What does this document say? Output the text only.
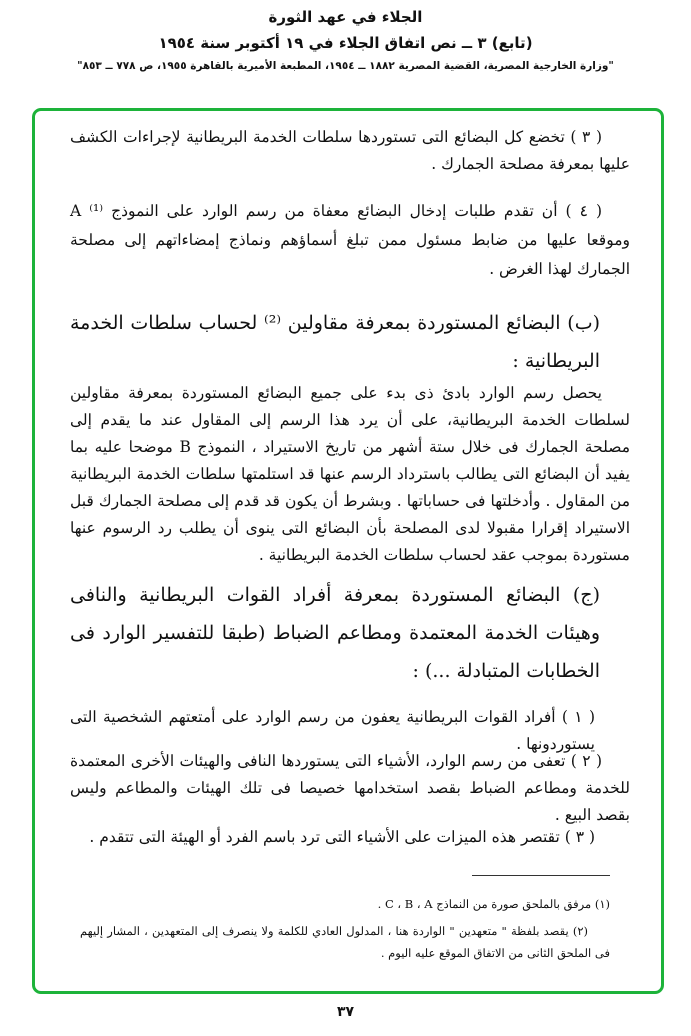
الجلاء في عهد الثورة
(تابع) ٣ ــ نص اتفاق الجلاء في ١٩ أكتوبر سنة ١٩٥٤
"وزارة الخارجية المصرية، القضية المصرية ١٨٨٢ ــ ١٩٥٤، المطبعة الأميرية بالقاهرة ١٩٥٥، ص ٧٧٨ ــ ٨٥٣"
( ٣ ) تخضع كل البضائع التى تستوردها سلطات الخدمة البريطانية لإجراءات الكشف عليها بمعرفة مصلحة الجمارك .
( ٤ ) أن تقدم طلبات إدخال البضائع معفاة من رسم الوارد على النموذج A ⁽¹⁾ وموقعا عليها من ضابط مسئول ممن تبلغ أسماؤهم ونماذج إمضاءاتهم إلى مصلحة الجمارك لهذا الغرض .
(ب) البضائع المستوردة بمعرفة مقاولين ⁽²⁾ لحساب سلطات الخدمة البريطانية :
يحصل رسم الوارد بادئ ذى بدء على جميع البضائع المستوردة بمعرفة مقاولين لسلطات الخدمة البريطانية، على أن يرد هذا الرسم إلى المقاول عند ما يقدم إلى مصلحة الجمارك فى خلال ستة أشهر من تاريخ الاستيراد ، النموذج B موضحا عليه بما يفيد أن البضائع التى يطالب باسترداد الرسم عنها قد استلمتها سلطات الخدمة البريطانية من المقاول . وأدخلتها فى حساباتها . وبشرط أن يكون قد قدم إلى مصلحة الجمارك قبل الاستيراد إقرارا مقبولا لدى المصلحة بأن البضائع التى ينوى أن يطلب رد الرسوم عنها مستوردة بموجب عقد لحساب سلطات الخدمة البريطانية .
(ج) البضائع المستوردة بمعرفة أفراد القوات البريطانية والنافى وهيئات الخدمة المعتمدة ومطاعم الضباط (طبقا للتفسير الوارد فى الخطابات المتبادلة ...) :
( ١ ) أفراد القوات البريطانية يعفون من رسم الوارد على أمتعتهم الشخصية التى يستوردونها .
( ٢ ) تعفى من رسم الوارد، الأشياء التى يستوردها النافى والهيئات الأخرى المعتمدة للخدمة ومطاعم الضباط بقصد استخدامها خصيصا فى تلك الهيئات والمطاعم وليس بقصد البيع .
( ٣ ) تقتصر هذه الميزات على الأشياء التى ترد باسم الفرد أو الهيئة التى تتقدم .
(١) مرفق بالملحق صورة من النماذج C ، B ، A .
(٢) يقصد بلفظة " متعهدين " الواردة هنا ، المدلول العادي للكلمة ولا ينصرف إلى المتعهدين ، المشار إليهم فى الملحق الثانى من الاتفاق الموقع عليه اليوم .
٣٧
